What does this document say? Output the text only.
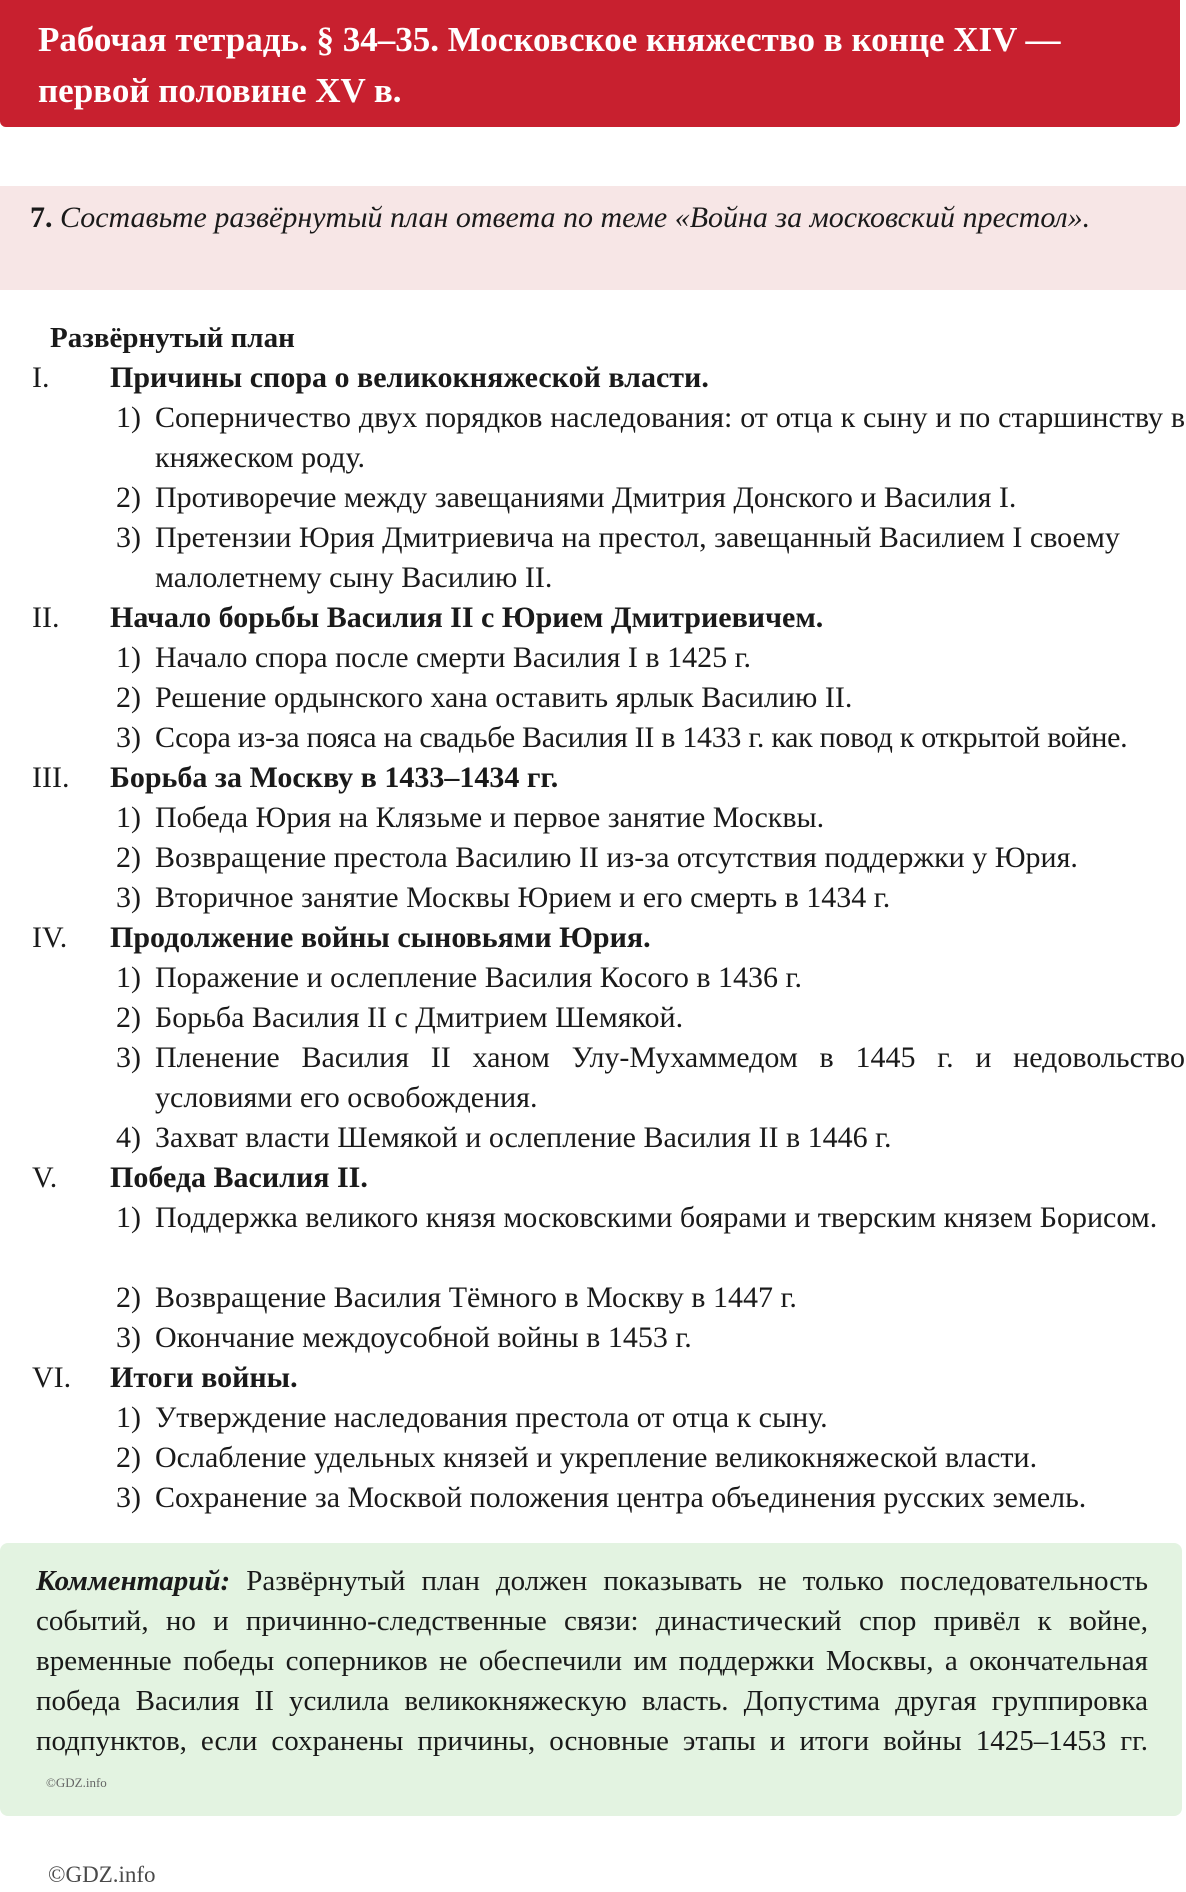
Рабочая тетрадь. § 34–35. Московское княжество в конце XIV — первой половине XV в.
7. Составьте развёрнутый план ответа по теме «Война за московский престол».
Развёрнутый план
I. Причины спора о великокняжеской власти.
1) Соперничество двух порядков наследования: от отца к сыну и по старшинству в княжеском роду.
2) Противоречие между завещаниями Дмитрия Донского и Василия I.
3) Претензии Юрия Дмитриевича на престол, завещанный Василием I своему малолетнему сыну Василию II.
II. Начало борьбы Василия II с Юрием Дмитриевичем.
1) Начало спора после смерти Василия I в 1425 г.
2) Решение ордынского хана оставить ярлык Василию II.
3) Ссора из-за пояса на свадьбе Василия II в 1433 г. как повод к открытой войне.
III. Борьба за Москву в 1433–1434 гг.
1) Победа Юрия на Клязьме и первое занятие Москвы.
2) Возвращение престола Василию II из-за отсутствия поддержки у Юрия.
3) Вторичное занятие Москвы Юрием и его смерть в 1434 г.
IV. Продолжение войны сыновьями Юрия.
1) Поражение и ослепление Василия Косого в 1436 г.
2) Борьба Василия II с Дмитрием Шемякой.
3) Пленение Василия II ханом Улу-Мухаммедом в 1445 г. и недовольство условиями его освобождения.
4) Захват власти Шемякой и ослепление Василия II в 1446 г.
V. Победа Василия II.
1) Поддержка великого князя московскими боярами и тверским князем Борисом.
2) Возвращение Василия Тёмного в Москву в 1447 г.
3) Окончание междоусобной войны в 1453 г.
VI. Итоги войны.
1) Утверждение наследования престола от отца к сыну.
2) Ослабление удельных князей и укрепление великокняжеской власти.
3) Сохранение за Москвой положения центра объединения русских земель.
Комментарий: Развёрнутый план должен показывать не только последовательность событий, но и причинно-следственные связи: династический спор привёл к войне, временные победы соперников не обеспечили им поддержки Москвы, а окончательная победа Василия II усилила великокняжескую власть. Допустима другая группировка подпунктов, если сохранены причины, основные этапы и итоги войны 1425–1453 гг. ©GDZ.info
©GDZ.info
